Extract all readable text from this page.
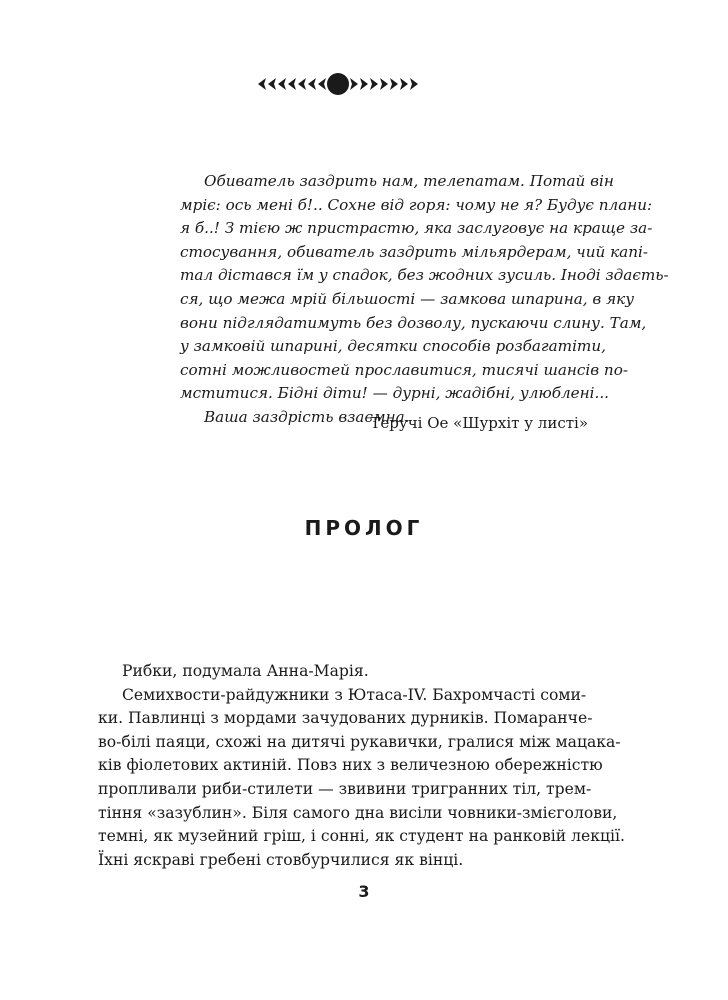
Обиватель заздрить нам, телепатам. Потай він
мріє: ось мені б!.. Сохне від горя: чому не я? Будує плани:
я б..! З тією ж пристрастю, яка заслуговує на краще за-
стосування, обиватель заздрить мільярдерам, чий капі-
тал дістався їм у спадок, без жодних зусиль. Іноді здаєть-
ся, що межа мрій більшості — замкова шпарина, в яку
вони підглядатимуть без дозволу, пускаючи слину. Там,
у замковій шпарині, десятки способів розбагатіти,
сотні можливостей прославитися, тисячі шансів по-
мститися. Бідні діти! — дурні, жадібні, улюблені...
Ваша заздрість взаємна.
Теручі Ое «Шурхіт у листі»
ПРОЛОГ
Рибки, подумала Анна-Марія.
Семихвости-райдужники з Ютаса-IV. Бахромчасті соми-
ки. Павлинці з мордами зачудованих дурників. Помаранче-
во-білі паяци, схожі на дитячі рукавички, гралися між мацака-
ків фіолетових актиній. Повз них з величезною обережністю
пропливали риби-стилети — звивини тригранних тіл, трем-
тіння «зазублин». Біля самого дна висіли човники-змієголови,
темні, як музейний гріш, і сонні, як студент на ранковій лекції.
Їхні яскраві гребені стовбурчилися як вінці.
3
